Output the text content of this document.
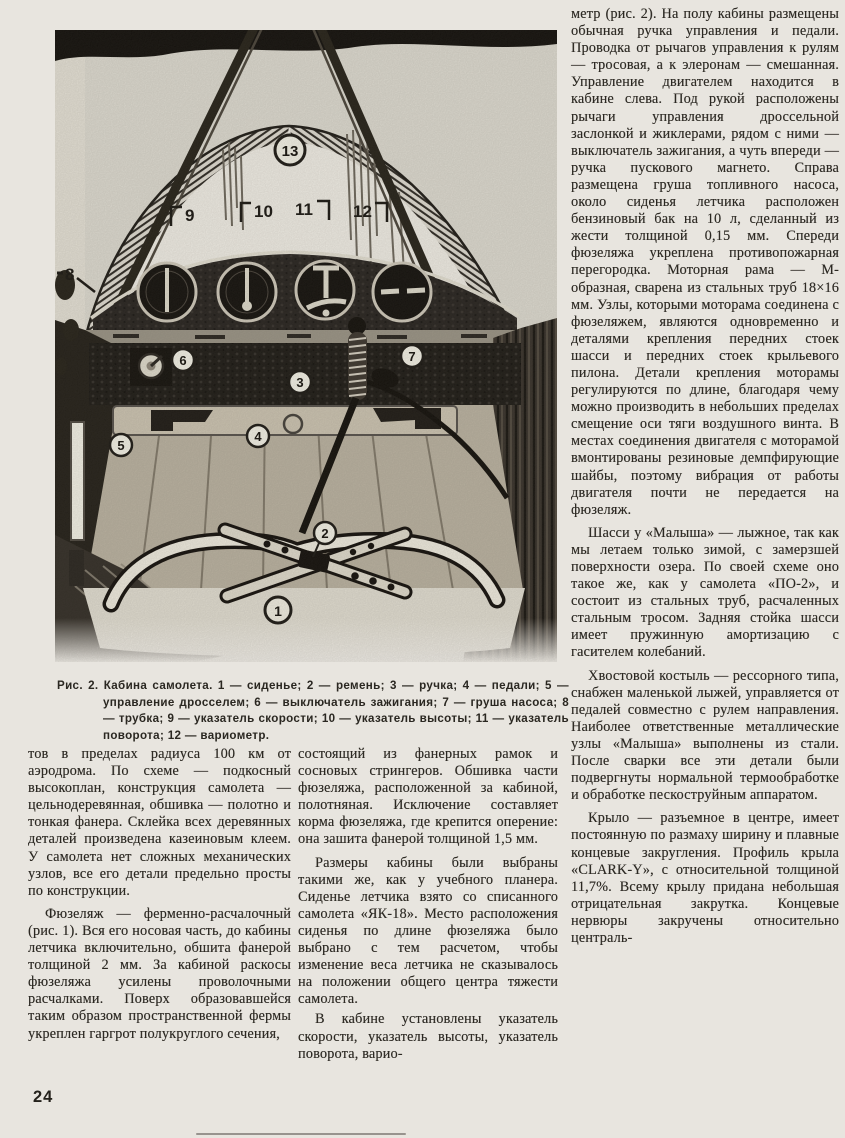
13
9	10 11 12
8
6	7
3
5
4
2
1
Рис. 2. Кабина самолета. 1 — сиденье; 2 — ремень; 3 — ручка; 4 — педали; 5 — управление дросселем; 6 — выключатель зажигания; 7 — груша насоса; 8 — трубка; 9 — указатель скорости; 10 — указатель высоты; 11 — указатель поворота; 12 — вариометр.

тов в пределах радиуса 100 км от аэродрома. По схеме — подкосный высокоплан, конструкция самолета — цельнодеревянная, обшивка — полотно и тонкая фанера. Склейка всех деревянных деталей произведена казеиновым клеем. У самолета нет сложных механических узлов, все его детали предельно просты по конструкции.

Фюзеляж — ферменно-расчалочный (рис. 1). Вся его носовая часть, до кабины летчика включительно, обшита фанерой толщиной 2 мм. За кабиной раскосы фюзеляжа усилены проволочными расчалками. Поверх образовавшейся таким образом пространственной фермы укреплен гаргрот полукруглого сечения,

состоящий из фанерных рамок и сосновых стрингеров. Обшивка части фюзеляжа, расположенной за кабиной, полотняная. Исключение составляет корма фюзеляжа, где крепится оперение: она зашита фанерой толщиной 1,5 мм.

Размеры кабины были выбраны такими же, как у учебного планера. Сиденье летчика взято со списанного самолета «ЯК-18». Место расположения сиденья по длине фюзеляжа было выбрано с тем расчетом, чтобы изменение веса летчика не сказывалось на положении общего центра тяжести самолета.

В кабине установлены указатель скорости, указатель высоты, указатель поворота, варио-

метр (рис. 2). На полу кабины размещены обычная ручка управления и педали. Проводка от рычагов управления к рулям — тросовая, а к элеронам — смешанная. Управление двигателем находится в кабине слева. Под рукой расположены рычаги управления дроссельной заслонкой и жиклерами, рядом с ними — выключатель зажигания, а чуть впереди — ручка пускового магнето. Справа размещена груша топливного насоса, около сиденья летчика расположен бензиновый бак на 10 л, сделанный из жести толщиной 0,15 мм. Спереди фюзеляжа укреплена противопожарная перегородка. Моторная рама — М-образная, сварена из стальных труб 18×16 мм. Узлы, которыми моторама соединена с фюзеляжем, являются одновременно и деталями крепления передних стоек шасси и передних стоек крыльевого пилона. Детали крепления моторамы регулируются по длине, благодаря чему можно производить в небольших пределах смещение оси тяги воздушного винта. В местах соединения двигателя с моторамой вмонтированы резиновые демпфирующие шайбы, поэтому вибрация от работы двигателя почти не передается на фюзеляж.

Шасси у «Малыша» — лыжное, так как мы летаем только зимой, с замерзшей поверхности озера. По своей схеме оно такое же, как у самолета «ПО-2», и состоит из стальных труб, расчаленных стальным тросом. Задняя стойка шасси имеет пружинную амортизацию с гасителем колебаний.

Хвостовой костыль — рессорного типа, снабжен маленькой лыжей, управляется от педалей совместно с рулем направления. Наиболее ответственные металлические узлы «Малыша» выполнены из стали. После сварки все эти детали были подвергнуты нормальной термообработке и обработке пескоструйным аппаратом.

Крыло — разъемное в центре, имеет постоянную по размаху ширину и плавные концевые закругления. Профиль крыла «CLARK-Y», с относительной толщиной 11,7%. Всему крылу придана небольшая отрицательная закрутка. Концевые нервюры закручены относительно централь-

24
